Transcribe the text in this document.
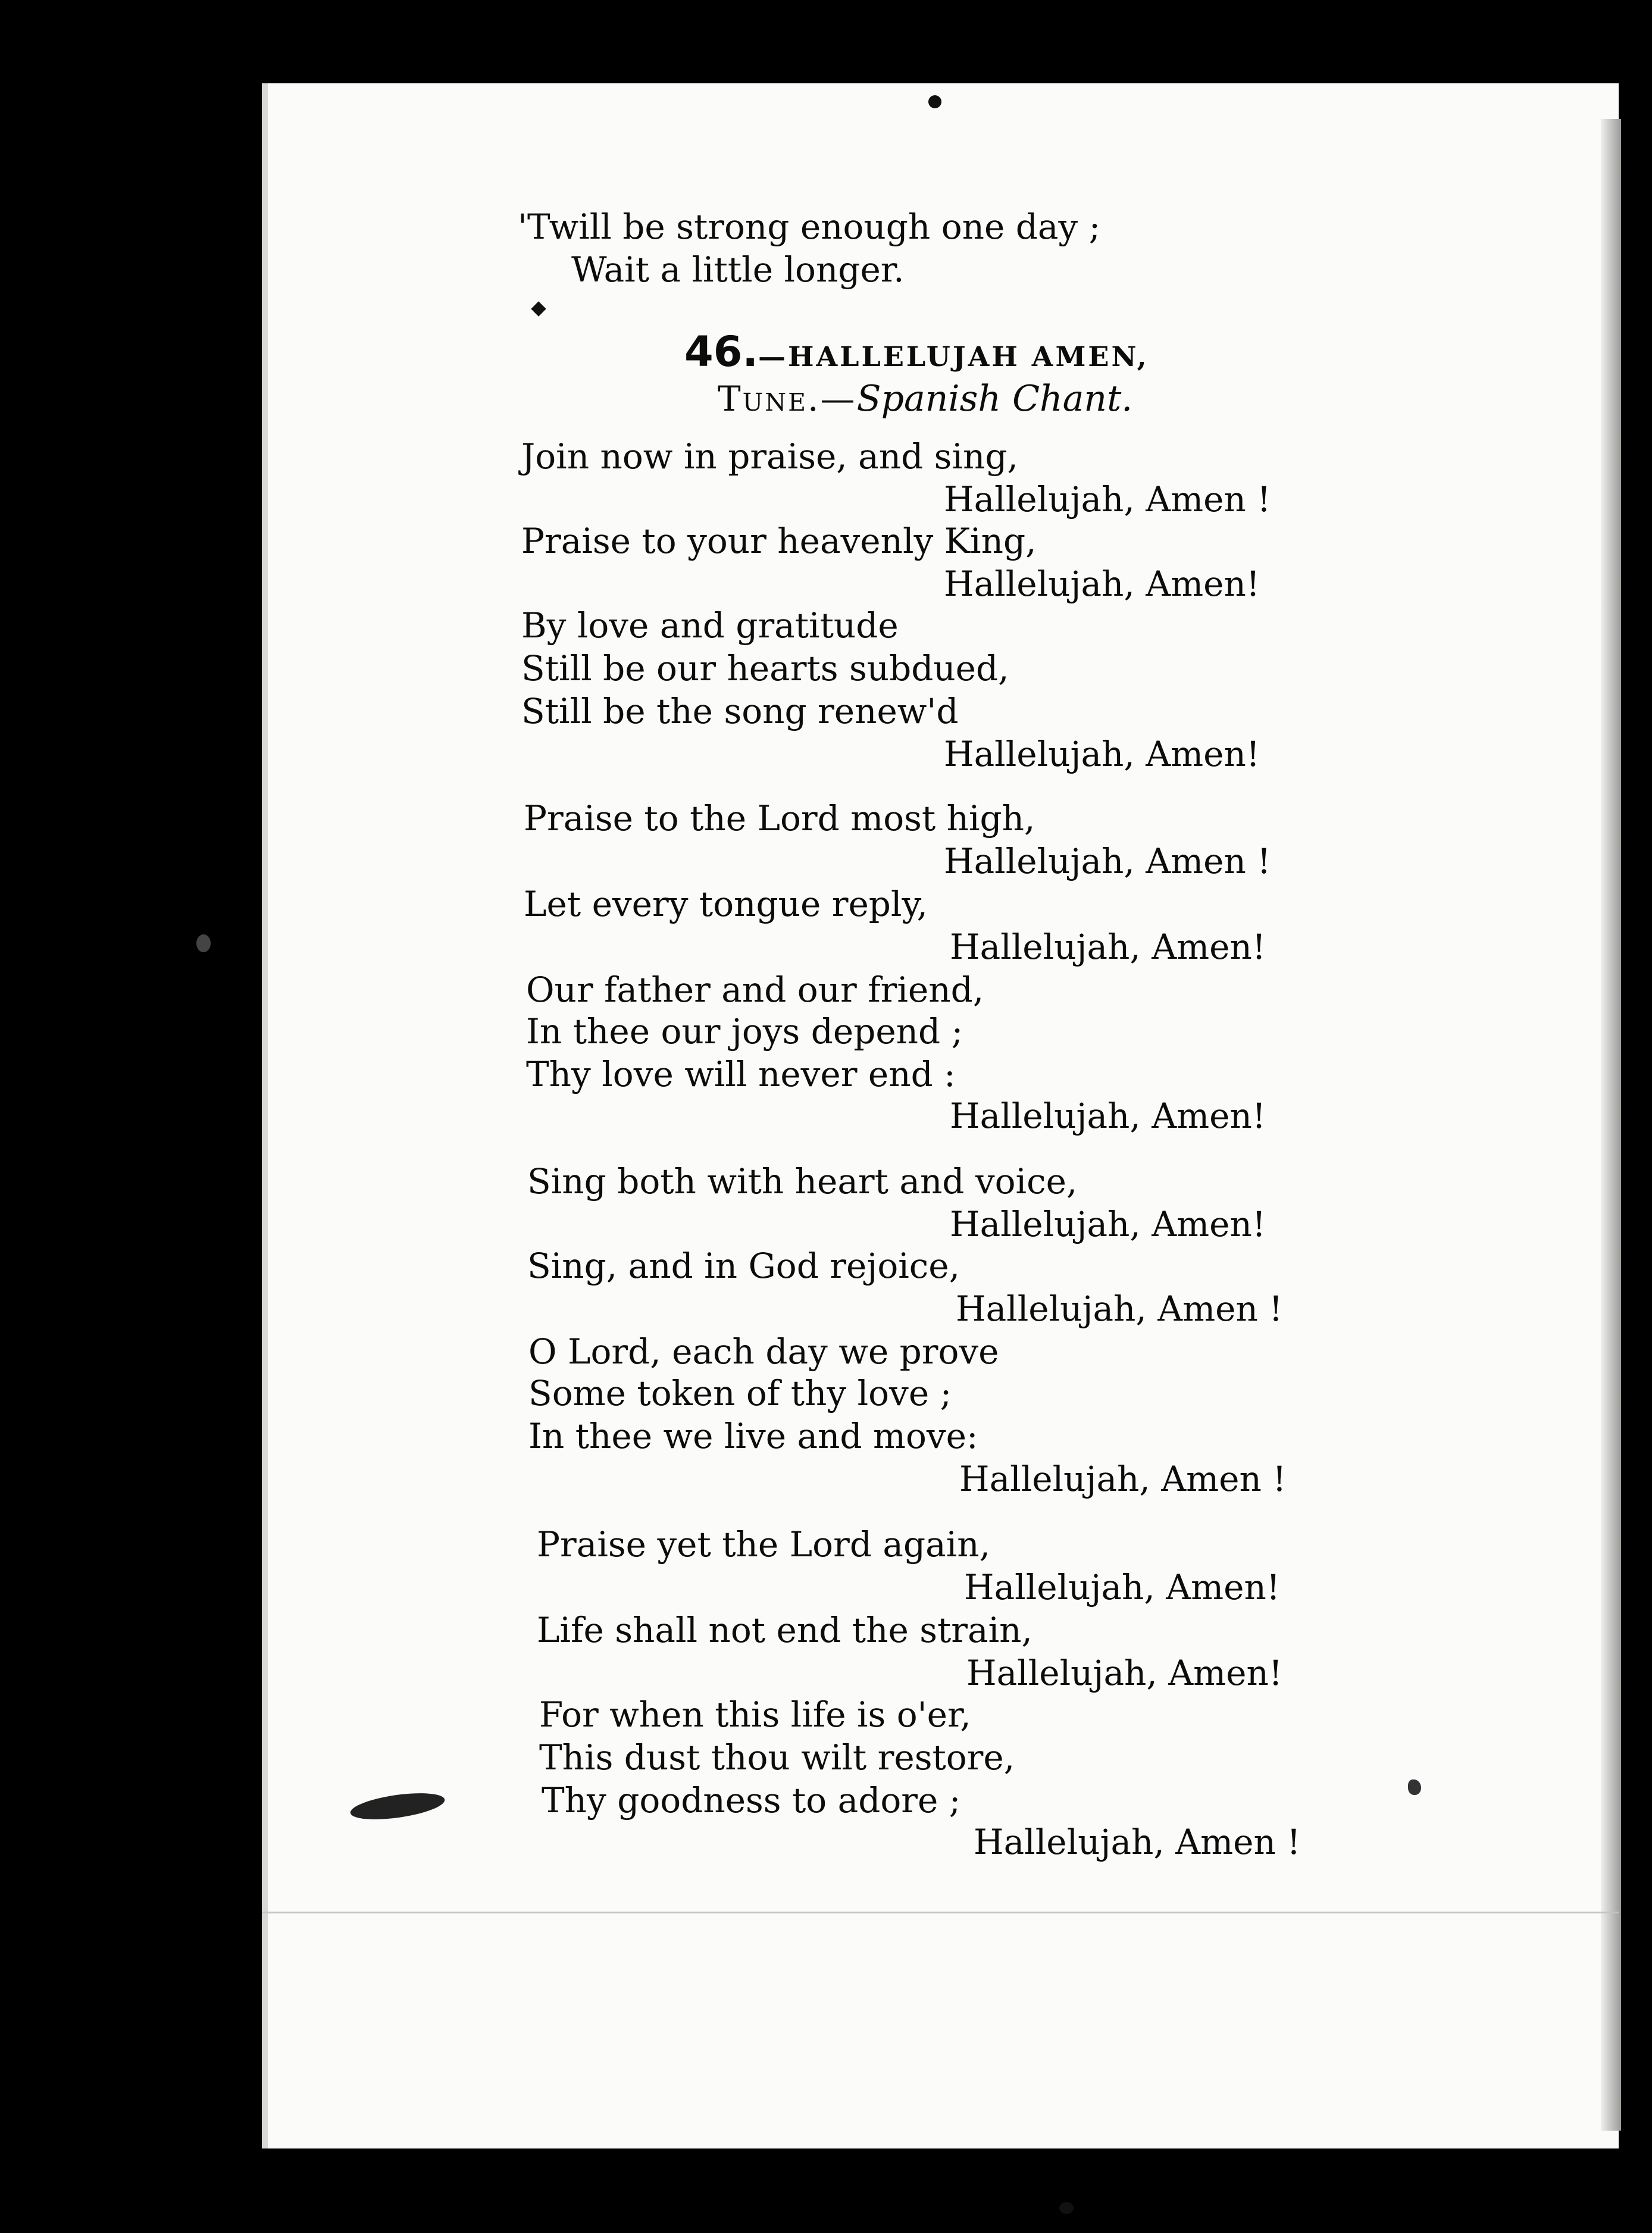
'Twill be strong enough one day ;
Wait a little longer.
46.—HALLELUJAH AMEN,
Tune.—Spanish Chant.
Join now in praise, and sing,
Hallelujah, Amen !
Praise to your heavenly King,
Hallelujah, Amen!
By love and gratitude
Still be our hearts subdued,
Still be the song renew'd
Hallelujah, Amen!
Praise to the Lord most high,
Hallelujah, Amen !
Let every tongue reply,
Hallelujah, Amen!
Our father and our friend,
In thee our joys depend ;
Thy love will never end :
Hallelujah, Amen!
Sing both with heart and voice,
Hallelujah, Amen!
Sing, and in God rejoice,
Hallelujah, Amen !
O Lord, each day we prove
Some token of thy love ;
In thee we live and move:
Hallelujah, Amen !
Praise yet the Lord again,
Hallelujah, Amen!
Life shall not end the strain,
Hallelujah, Amen!
For when this life is o'er,
This dust thou wilt restore,
Thy goodness to adore ;
Hallelujah, Amen !
